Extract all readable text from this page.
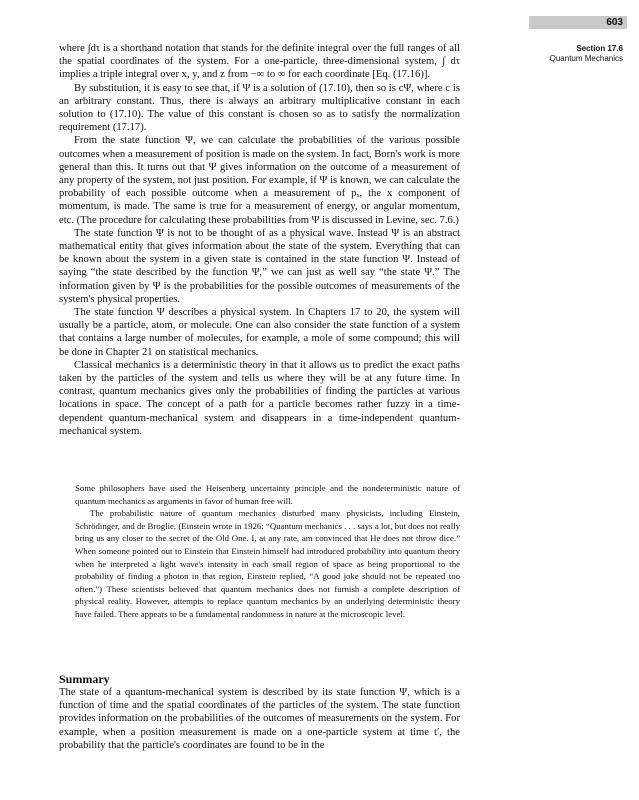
603
Section 17.6
Quantum Mechanics

where ∫dτ is a shorthand notation that stands for the definite integral over the full ranges of all the spatial coordinates of the system. For a one-particle, three-dimensional system, ∫ dτ implies a triple integral over x, y, and z from −∞ to ∞ for each coordinate [Eq. (17.16)].

By substitution, it is easy to see that, if Ψ is a solution of (17.10), then so is cΨ, where c is an arbitrary constant. Thus, there is always an arbitrary multiplicative constant in each solution to (17.10). The value of this constant is chosen so as to satisfy the normalization requirement (17.17).

From the state function Ψ, we can calculate the probabilities of the various possible outcomes when a measurement of position is made on the system. In fact, Born's work is more general than this. It turns out that Ψ gives information on the outcome of a measurement of any property of the system, not just position. For example, if Ψ is known, we can calculate the probability of each possible outcome when a measurement of pₓ, the x component of momentum, is made. The same is true for a measurement of energy, or angular momentum, etc. (The procedure for calculating these probabilities from Ψ is discussed in Levine, sec. 7.6.)

The state function Ψ is not to be thought of as a physical wave. Instead Ψ is an abstract mathematical entity that gives information about the state of the system. Everything that can be known about the system in a given state is contained in the state function Ψ. Instead of saying “the state described by the function Ψ,” we can just as well say “the state Ψ.” The information given by Ψ is the probabilities for the possible outcomes of measurements of the system's physical properties.

The state function Ψ describes a physical system. In Chapters 17 to 20, the system will usually be a particle, atom, or molecule. One can also consider the state function of a system that contains a large number of molecules, for example, a mole of some compound; this will be done in Chapter 21 on statistical mechanics.

Classical mechanics is a deterministic theory in that it allows us to predict the exact paths taken by the particles of the system and tells us where they will be at any future time. In contrast, quantum mechanics gives only the probabilities of finding the particles at various locations in space. The concept of a path for a particle becomes rather fuzzy in a time-dependent quantum-mechanical system and disappears in a time-independent quantum-mechanical system.

Some philosophers have used the Heisenberg uncertainty principle and the nondeterministic nature of quantum mechanics as arguments in favor of human free will.

The probabilistic nature of quantum mechanics disturbed many physicists, including Einstein, Schrödinger, and de Broglie. (Einstein wrote in 1926: “Quantum mechanics . . . says a lot, but does not really bring us any closer to the secret of the Old One. I, at any rate, am convinced that He does not throw dice.” When someone pointed out to Einstein that Einstein himself had introduced probability into quantum theory when he interpreted a light wave's intensity in each small region of space as being proportional to the probability of finding a photon in that region, Einstein replied, “A good joke should not be repeated too often.”) These scientists believed that quantum mechanics does not furnish a complete description of physical reality. However, attempts to replace quantum mechanics by an underlying deterministic theory have failed. There appears to be a fundamental randomness in nature at the microscopic level.

Summary

The state of a quantum-mechanical system is described by its state function Ψ, which is a function of time and the spatial coordinates of the particles of the system. The state function provides information on the probabilities of the outcomes of measurements on the system. For example, when a position measurement is made on a one-particle system at time t′, the probability that the particle's coordinates are found to be in the
